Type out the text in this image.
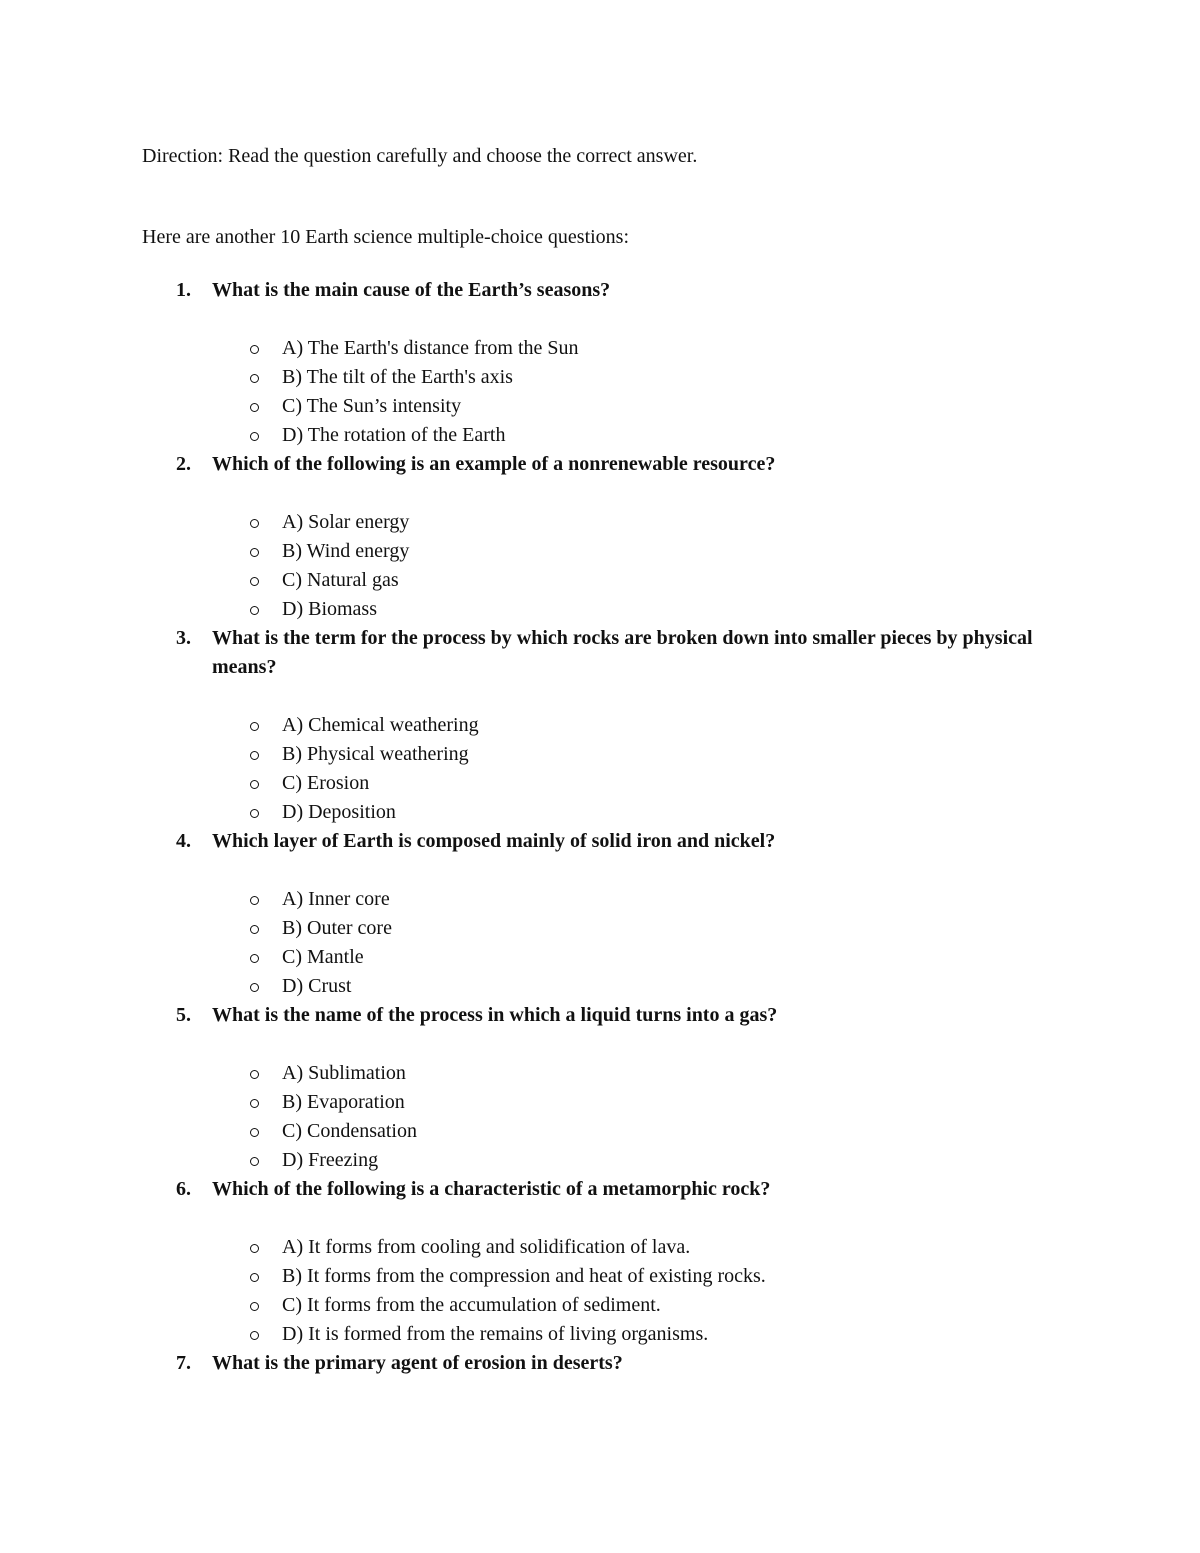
Direction: Read the question carefully and choose the correct answer.
Here are another 10 Earth science multiple-choice questions:
1.	What is the main cause of the Earth’s seasons?
A) The Earth's distance from the Sun
B) The tilt of the Earth's axis
C) The Sun’s intensity
D) The rotation of the Earth
2.	Which of the following is an example of a nonrenewable resource?
A) Solar energy
B) Wind energy
C) Natural gas
D) Biomass
3.	What is the term for the process by which rocks are broken down into smaller pieces by physical means?
A) Chemical weathering
B) Physical weathering
C) Erosion
D) Deposition
4.	Which layer of Earth is composed mainly of solid iron and nickel?
A) Inner core
B) Outer core
C) Mantle
D) Crust
5.	What is the name of the process in which a liquid turns into a gas?
A) Sublimation
B) Evaporation
C) Condensation
D) Freezing
6.	Which of the following is a characteristic of a metamorphic rock?
A) It forms from cooling and solidification of lava.
B) It forms from the compression and heat of existing rocks.
C) It forms from the accumulation of sediment.
D) It is formed from the remains of living organisms.
7.	What is the primary agent of erosion in deserts?
